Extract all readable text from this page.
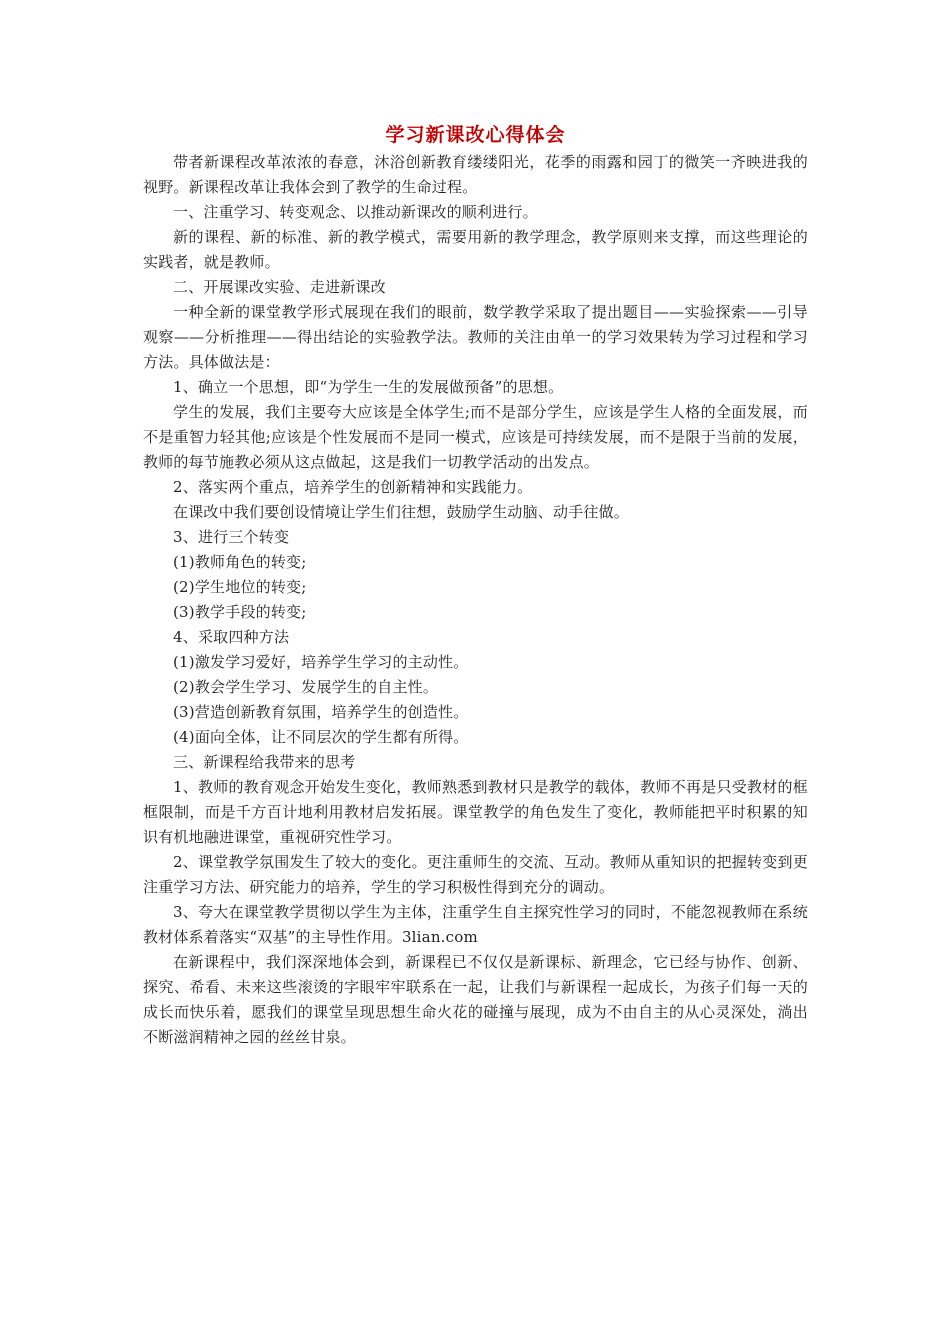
学习新课改心得体会

带者新课程改革浓浓的春意，沐浴创新教育缕缕阳光，花季的雨露和园丁的微笑一齐映进我的视野。新课程改革让我体会到了教学的生命过程。

一、注重学习、转变观念、以推动新课改的顺利进行。

新的课程、新的标准、新的教学模式，需要用新的教学理念，教学原则来支撑，而这些理论的实践者，就是教师。

二、开展课改实验、走进新课改

一种全新的课堂教学形式展现在我们的眼前，数学教学采取了提出题目——实验探索——引导观察——分析推理——得出结论的实验教学法。教师的关注由单一的学习效果转为学习过程和学习方法。具体做法是：

1、确立一个思想，即“为学生一生的发展做预备”的思想。

学生的发展，我们主要夸大应该是全体学生;而不是部分学生，应该是学生人格的全面发展，而不是重智力轻其他;应该是个性发展而不是同一模式，应该是可持续发展，而不是限于当前的发展，教师的每节施教必须从这点做起，这是我们一切教学活动的出发点。

2、落实两个重点，培养学生的创新精神和实践能力。

在课改中我们要创设情境让学生们往想，鼓励学生动脑、动手往做。

3、进行三个转变

(1)教师角色的转变;

(2)学生地位的转变;

(3)教学手段的转变;

4、采取四种方法

(1)激发学习爱好，培养学生学习的主动性。

(2)教会学生学习、发展学生的自主性。

(3)营造创新教育氛围，培养学生的创造性。

(4)面向全体，让不同层次的学生都有所得。

三、新课程给我带来的思考

1、教师的教育观念开始发生变化，教师熟悉到教材只是教学的载体，教师不再是只受教材的框框限制，而是千方百计地利用教材启发拓展。课堂教学的角色发生了变化，教师能把平时积累的知识有机地融进课堂，重视研究性学习。

2、课堂教学氛围发生了较大的变化。更注重师生的交流、互动。教师从重知识的把握转变到更注重学习方法、研究能力的培养，学生的学习积极性得到充分的调动。

3、夸大在课堂教学贯彻以学生为主体，注重学生自主探究性学习的同时，不能忽视教师在系统教材体系着落实“双基”的主导性作用。3lian.com

在新课程中，我们深深地体会到，新课程已不仅仅是新课标、新理念，它已经与协作、创新、探究、希看、未来这些滚烫的字眼牢牢联系在一起，让我们与新课程一起成长，为孩子们每一天的成长而快乐着，愿我们的课堂呈现思想生命火花的碰撞与展现，成为不由自主的从心灵深处，淌出不断滋润精神之园的丝丝甘泉。
